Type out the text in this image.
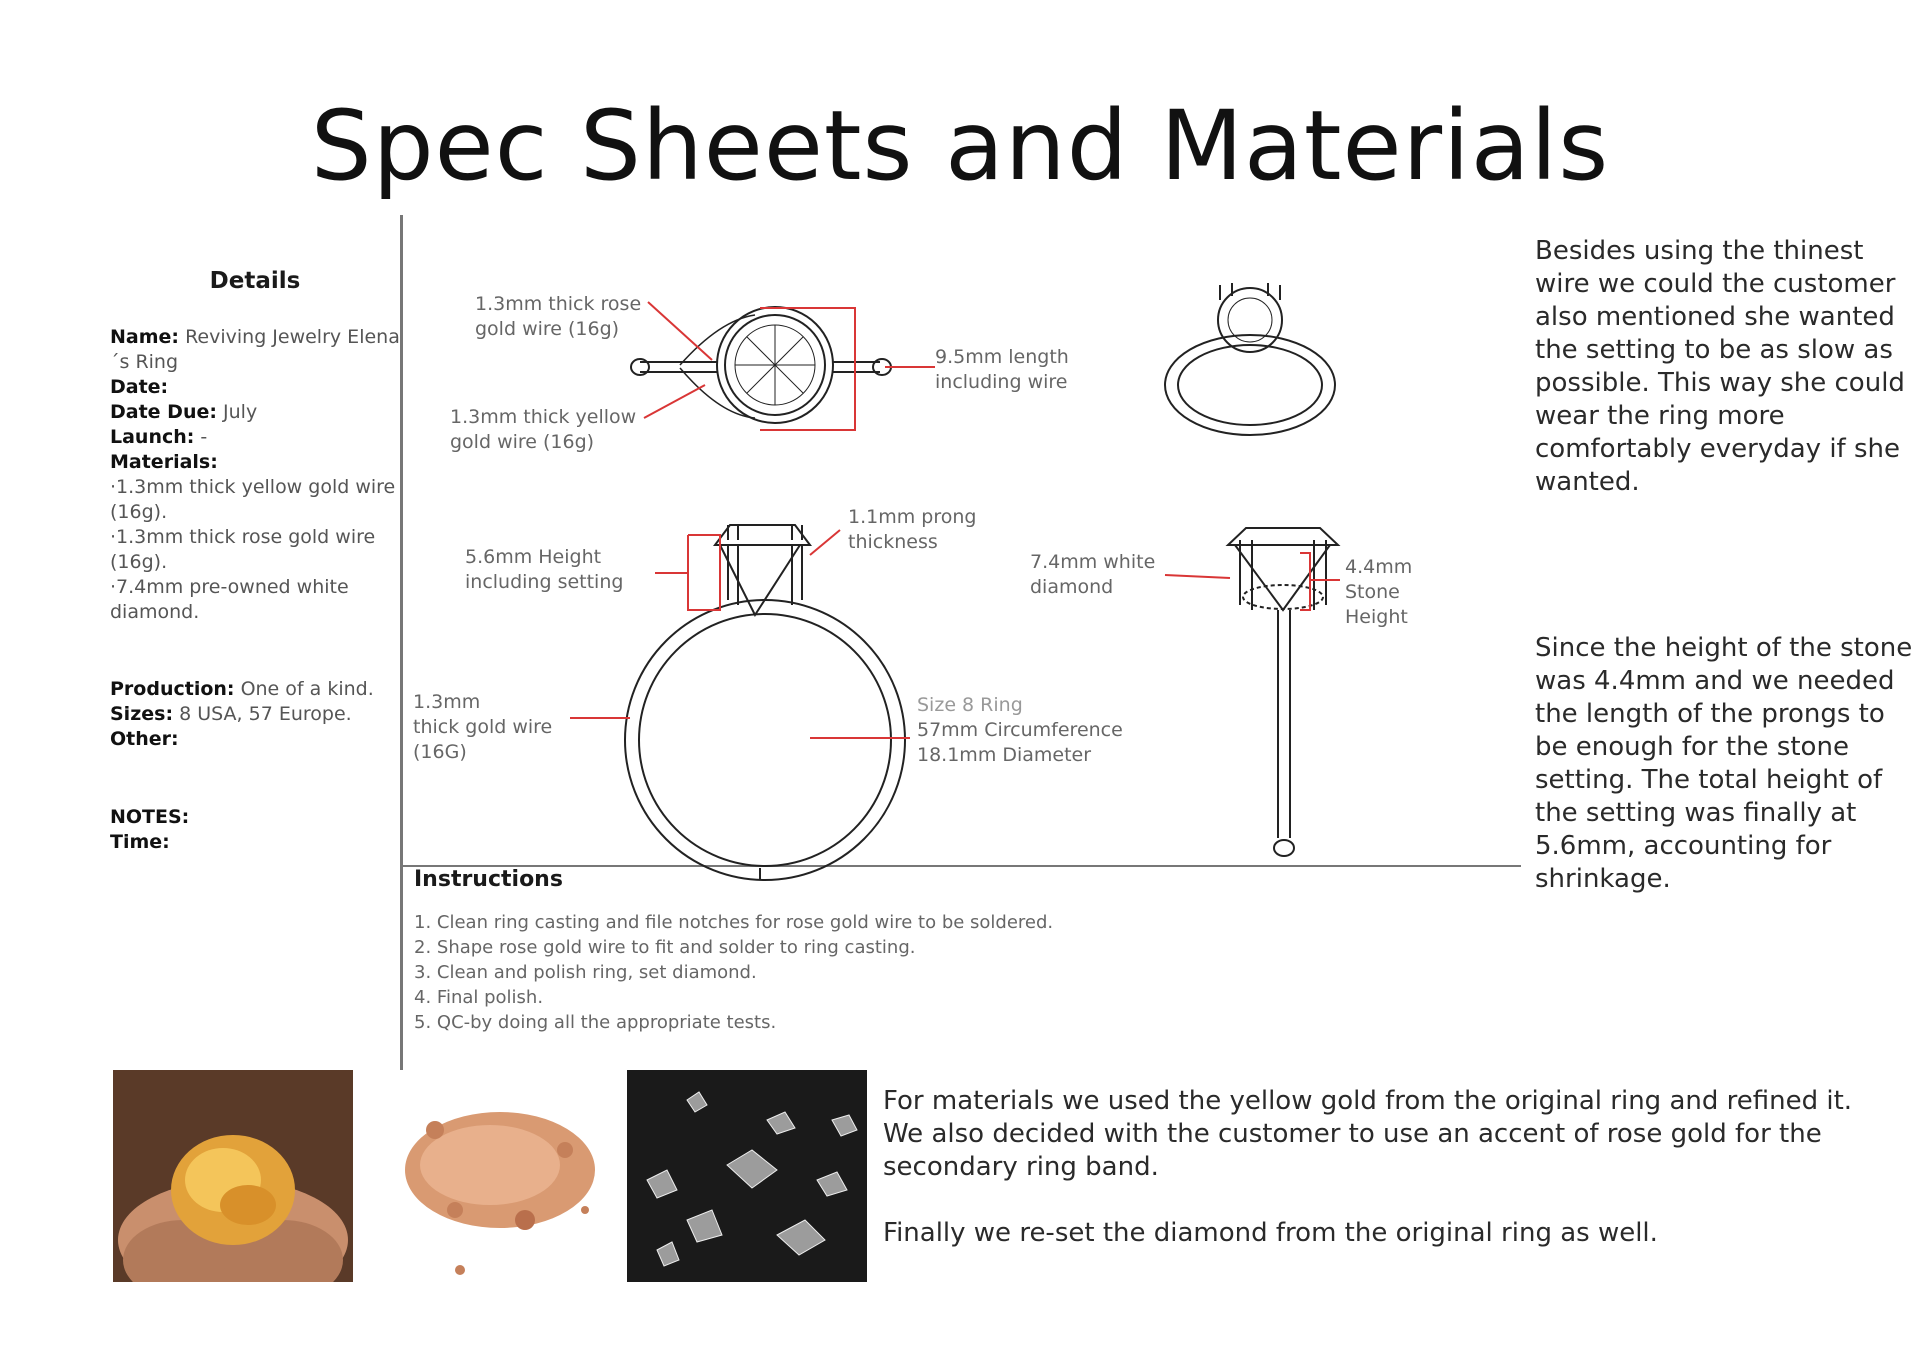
Spec Sheets and Materials
Details
Name: Reviving Jewelry Elena´s Ring
Date:
Date Due: July
Launch: -
Materials:
·1.3mm thick yellow gold wire (16g).
·1.3mm thick rose gold wire (16g).
·7.4mm pre-owned white diamond.
Production: One of a kind.
Sizes: 8 USA, 57 Europe.
Other:
NOTES:
Time:
1.3mm thick rose
gold wire (16g)
1.3mm thick yellow
gold wire (16g)
9.5mm length
including wire
1.1mm prong
thickness
5.6mm Height
including setting
7.4mm white
diamond
4.4mm
Stone
Height
1.3mm
thick gold wire
(16G)
Size 8 Ring
57mm Circumference
18.1mm Diameter
Instructions
1. Clean ring casting and file notches for rose gold wire to be soldered.
2. Shape rose gold wire to fit and solder to ring casting.
3. Clean and polish ring, set diamond.
4. Final polish.
5. QC-by doing all the appropriate tests.
Besides using the thinest wire we could the customer also mentioned she wanted the setting to be as slow as possible. This way she could wear the ring more comfortably everyday if she wanted.
Since the height of the stone was 4.4mm and we needed the length of the prongs to be enough for the stone setting. The total height of the setting was finally at 5.6mm, accounting for shrinkage.
For materials we used the yellow gold from the original ring and refined it. We also decided with the customer to use an accent of rose gold for the secondary ring band.
Finally we re-set the diamond from the original ring as well.
